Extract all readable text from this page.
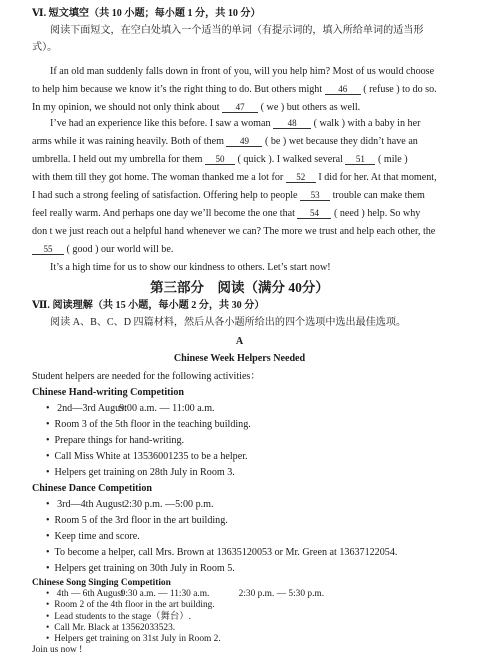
Ⅵ. 短文填空（共 10 小题；每小题 1 分，共 10 分）
阅读下面短文，在空白处填入一个适当的单词（有提示词的，填入所给单词的适当形
式）。
If an old man suddenly falls down in front of you, will you help him? Most of us would choose
to help him because we know it’s the right thing to do. But others might 46 ( refuse ) to do so.
In my opinion, we should not only think about 47 ( we ) but others as well.
I’ve had an experience like this before. I saw a woman 48 ( walk ) with a baby in her
arms while it was raining heavily. Both of them 49 ( be ) wet because they didn’t have an
umbrella. I held out my umbrella for them 50 ( quick ). I walked several 51 ( mile )
with them till they got home. The woman thanked me a lot for 52 I did for her. At that moment,
I had such a strong feeling of satisfaction. Offering help to people 53 trouble can make them
feel really warm. And perhaps one day we’ll become the one that 54 ( need ) help. So why
don t we just reach out a helpful hand whenever we can? The more we trust and help each other, the
55 ( good ) our world will be.
It’s a high time for us to show our kindness to others. Let’s start now!
第三部分　阅读（满分 40分）
Ⅶ. 阅读理解（共 15 小题，每小题 2 分，共 30 分）
阅读 A、B、C、D 四篇材料，然后从各小题所给出的四个选项中选出最佳选项。
A
Chinese Week Helpers Needed
Student helpers are needed for the following activities：
Chinese Hand-writing Competition
• 2nd—3rd August9:00 a.m. — 11:00 a.m.
• Room 3 of the 5th floor in the teaching building.
• Prepare things for hand-writing.
• Call Miss White at 13536001235 to be a helper.
• Helpers get training on 28th July in Room 3.
Chinese Dance Competition
• 3rd—4th August2:30 p.m. —5:00 p.m.
• Room 5 of the 3rd floor in the art building.
• Keep time and score.
• To become a helper, call Mrs. Brown at 13635120053 or Mr. Green at 13637122054.
• Helpers get training on 30th July in Room 5.
Chinese Song Singing Competition
• 4th — 6th August9:30 a.m. — 11:30 a.m.	2:30 p.m. — 5:30 p.m.
• Room 2 of the 4th floor in the art building.
• Lead students to the stage（舞台）.
• Call Mr. Black at 13562033523.
• Helpers get training on 31st July in Room 2.
Join us now !
